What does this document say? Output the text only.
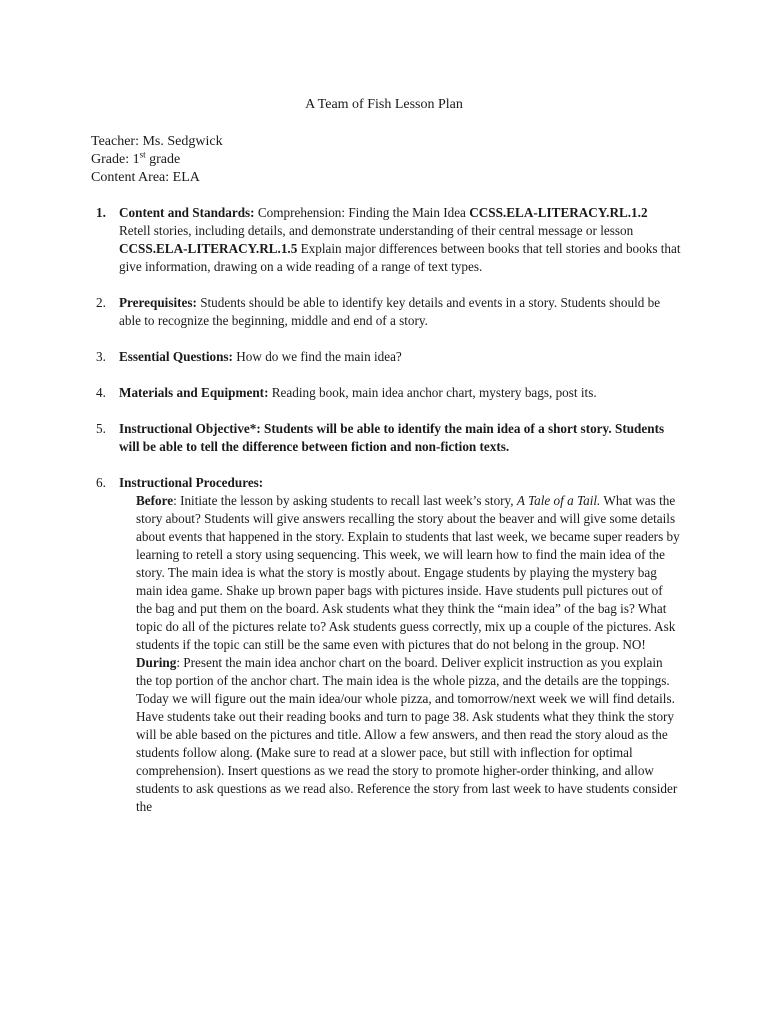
A Team of Fish Lesson Plan
Teacher: Ms. Sedgwick
Grade: 1st grade
Content Area: ELA
1. Content and Standards: Comprehension: Finding the Main Idea CCSS.ELA-LITERACY.RL.1.2 Retell stories, including details, and demonstrate understanding of their central message or lesson CCSS.ELA-LITERACY.RL.1.5 Explain major differences between books that tell stories and books that give information, drawing on a wide reading of a range of text types.
2. Prerequisites: Students should be able to identify key details and events in a story. Students should be able to recognize the beginning, middle and end of a story.
3. Essential Questions: How do we find the main idea?
4. Materials and Equipment: Reading book, main idea anchor chart, mystery bags, post its.
5. Instructional Objective*: Students will be able to identify the main idea of a short story. Students will be able to tell the difference between fiction and non-fiction texts.
6. Instructional Procedures:
Before: Initiate the lesson by asking students to recall last week’s story, A Tale of a Tail. What was the story about? Students will give answers recalling the story about the beaver and will give some details about events that happened in the story. Explain to students that last week, we became super readers by learning to retell a story using sequencing. This week, we will learn how to find the main idea of the story. The main idea is what the story is mostly about. Engage students by playing the mystery bag main idea game. Shake up brown paper bags with pictures inside. Have students pull pictures out of the bag and put them on the board. Ask students what they think the “main idea” of the bag is? What topic do all of the pictures relate to? Ask students guess correctly, mix up a couple of the pictures. Ask students if the topic can still be the same even with pictures that do not belong in the group. NO!
During: Present the main idea anchor chart on the board. Deliver explicit instruction as you explain the top portion of the anchor chart. The main idea is the whole pizza, and the details are the toppings. Today we will figure out the main idea/our whole pizza, and tomorrow/next week we will find details. Have students take out their reading books and turn to page 38. Ask students what they think the story will be able based on the pictures and title. Allow a few answers, and then read the story aloud as the students follow along. (Make sure to read at a slower pace, but still with inflection for optimal comprehension). Insert questions as we read the story to promote higher-order thinking, and allow students to ask questions as we read also. Reference the story from last week to have students consider the
